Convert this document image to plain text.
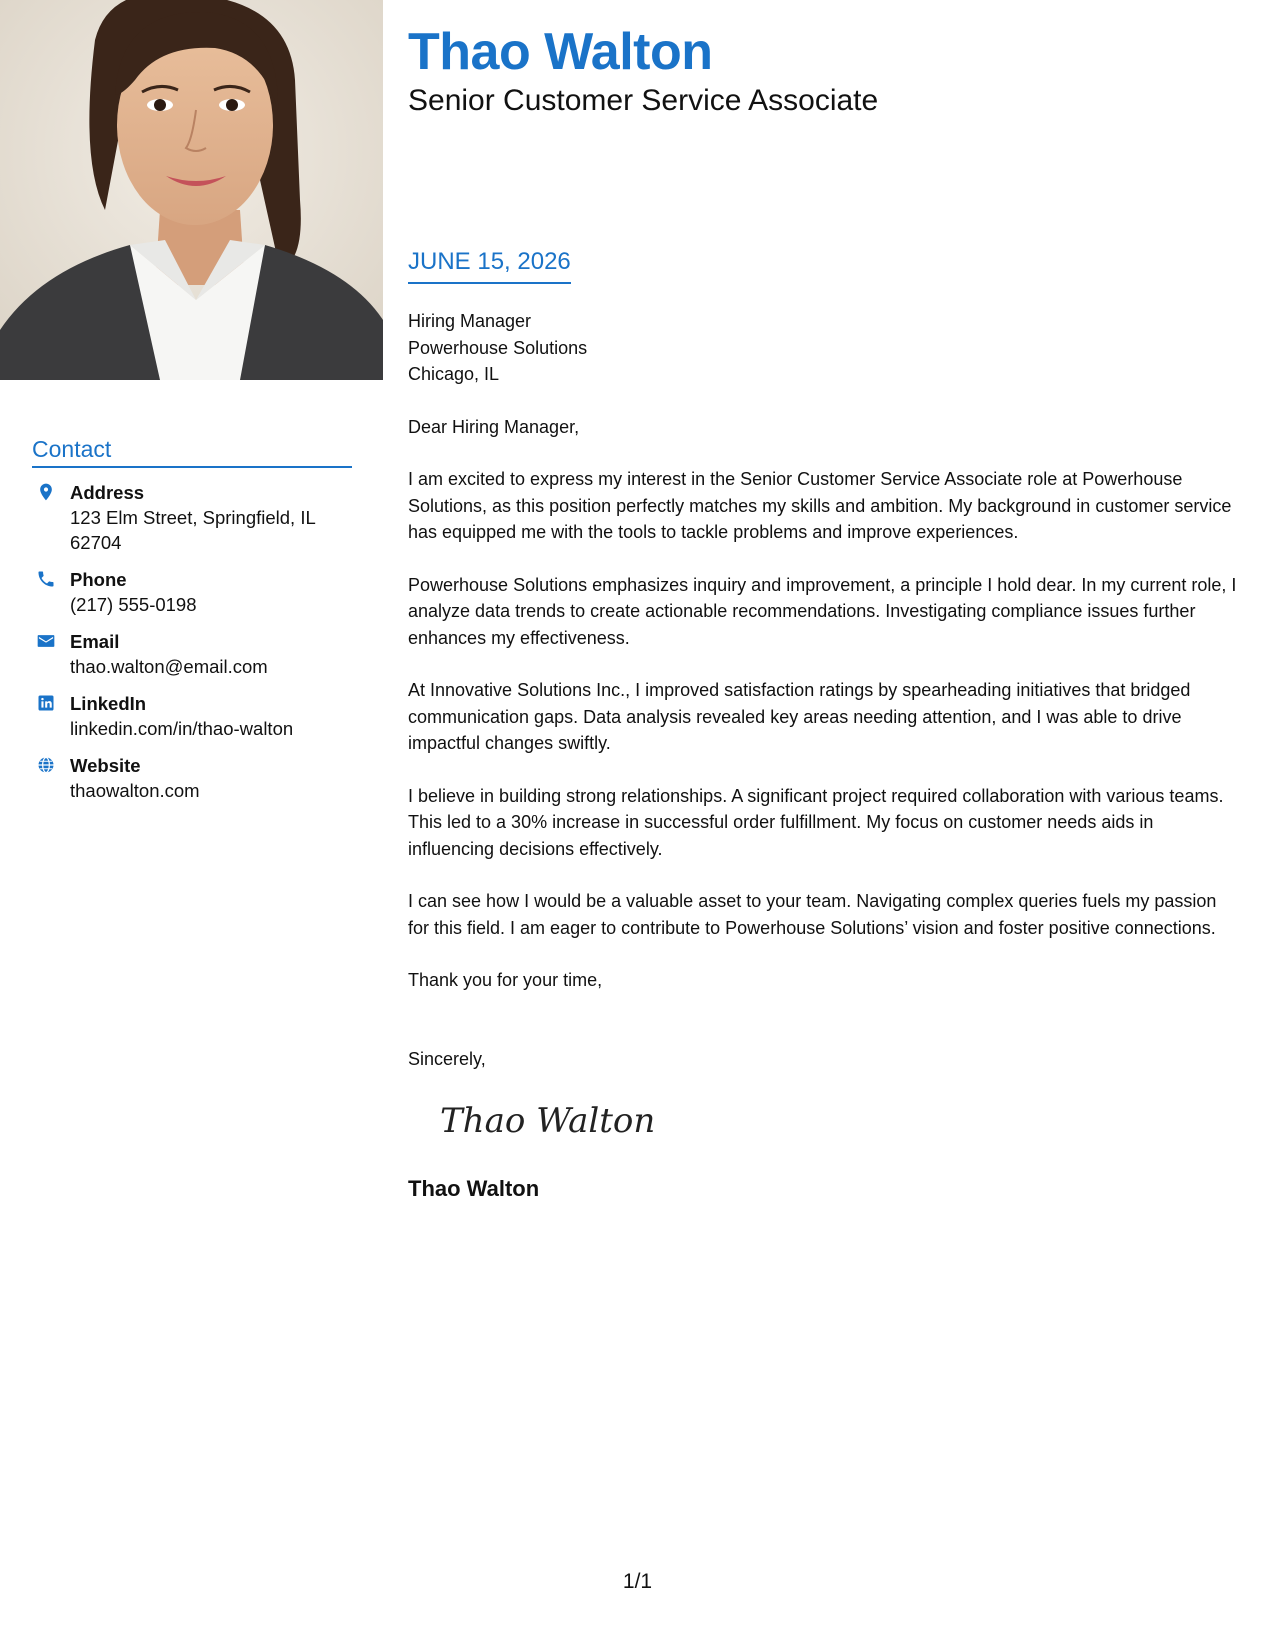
Contact
Address
123 Elm Street, Springfield, IL 62704
Phone
(217) 555-0198
Email
thao.walton@email.com
LinkedIn
linkedin.com/in/thao-walton
Website
thaowalton.com
Thao Walton
Senior Customer Service Associate
JUNE 15, 2026

Hiring Manager

Powerhouse Solutions

Chicago, IL

Dear Hiring Manager,

I am excited to express my interest in the Senior Customer Service Associate role at Powerhouse Solutions, as this position perfectly matches my skills and ambition. My background in customer service has equipped me with the tools to tackle problems and improve experiences.

Powerhouse Solutions emphasizes inquiry and improvement, a principle I hold dear. In my current role, I analyze data trends to create actionable recommendations. Investigating compliance issues further enhances my effectiveness.

At Innovative Solutions Inc., I improved satisfaction ratings by spearheading initiatives that bridged communication gaps. Data analysis revealed key areas needing attention, and I was able to drive impactful changes swiftly.

I believe in building strong relationships. A significant project required collaboration with various teams. This led to a 30% increase in successful order fulfillment. My focus on customer needs aids in influencing decisions effectively.

I can see how I would be a valuable asset to your team. Navigating complex queries fuels my passion for this field. I am eager to contribute to Powerhouse Solutions’ vision and foster positive connections.

Thank you for your time,

Sincerely,

Thao Walton
Thao Walton
1/1
